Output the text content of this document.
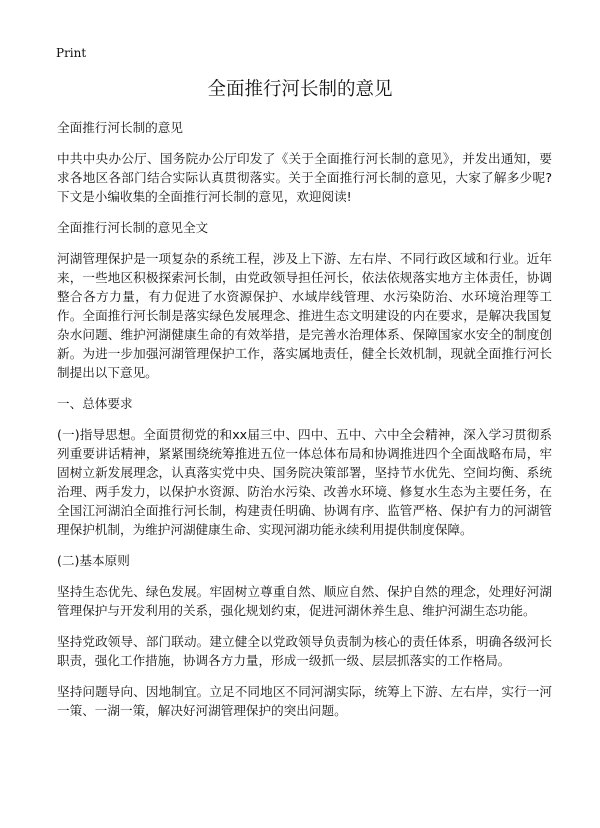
Print
全面推行河长制的意见

全面推行河长制的意见

中共中央办公厅、国务院办公厅印发了《关于全面推行河长制的意见》，并发出通知，要求各地区各部门结合实际认真贯彻落实。关于全面推行河长制的意见，大家了解多少呢?下文是小编收集的全面推行河长制的意见，欢迎阅读!

全面推行河长制的意见全文

河湖管理保护是一项复杂的系统工程，涉及上下游、左右岸、不同行政区域和行业。近年来，一些地区积极探索河长制，由党政领导担任河长，依法依规落实地方主体责任，协调整合各方力量，有力促进了水资源保护、水域岸线管理、水污染防治、水环境治理等工作。全面推行河长制是落实绿色发展理念、推进生态文明建设的内在要求，是解决我国复杂水问题、维护河湖健康生命的有效举措，是完善水治理体系、保障国家水安全的制度创新。为进一步加强河湖管理保护工作，落实属地责任，健全长效机制，现就全面推行河长制提出以下意见。

一、总体要求

(一)指导思想。全面贯彻党的和xx届三中、四中、五中、六中全会精神，深入学习贯彻系列重要讲话精神，紧紧围绕统筹推进五位一体总体布局和协调推进四个全面战略布局，牢固树立新发展理念，认真落实党中央、国务院决策部署，坚持节水优先、空间均衡、系统治理、两手发力，以保护水资源、防治水污染、改善水环境、修复水生态为主要任务，在全国江河湖泊全面推行河长制，构建责任明确、协调有序、监管严格、保护有力的河湖管理保护机制，为维护河湖健康生命、实现河湖功能永续利用提供制度保障。

(二)基本原则

坚持生态优先、绿色发展。牢固树立尊重自然、顺应自然、保护自然的理念，处理好河湖管理保护与开发利用的关系，强化规划约束，促进河湖休养生息、维护河湖生态功能。

坚持党政领导、部门联动。建立健全以党政领导负责制为核心的责任体系，明确各级河长职责，强化工作措施，协调各方力量，形成一级抓一级、层层抓落实的工作格局。

坚持问题导向、因地制宜。立足不同地区不同河湖实际，统筹上下游、左右岸，实行一河一策、一湖一策，解决好河湖管理保护的突出问题。
